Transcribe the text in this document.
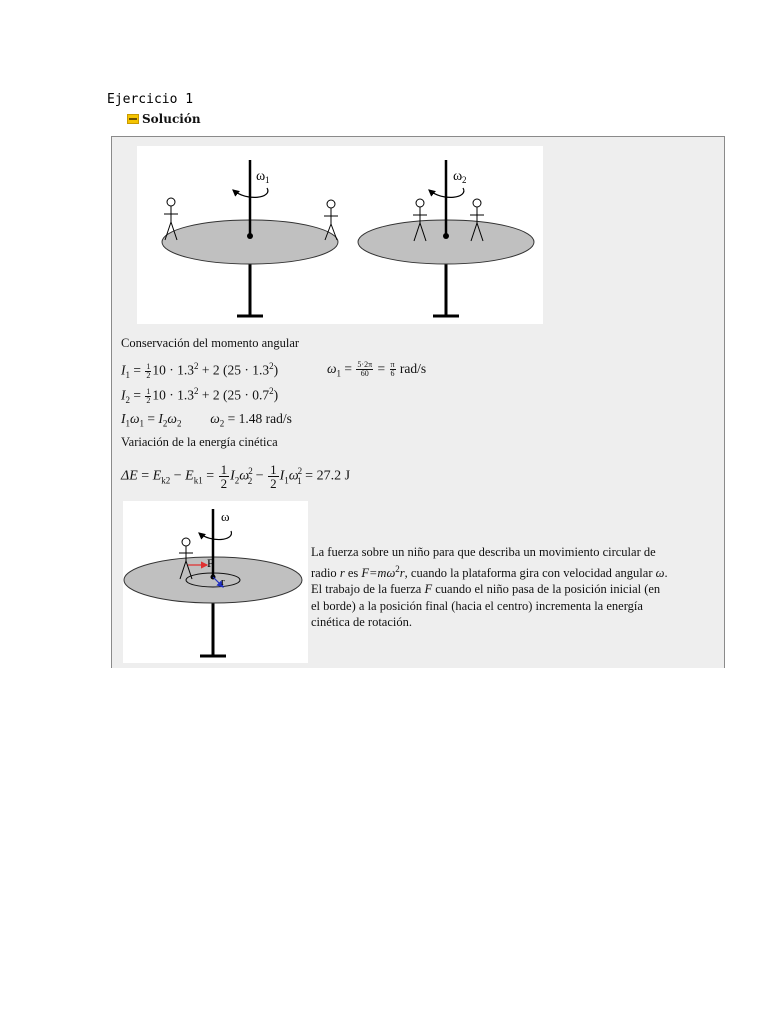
Ejercicio 1
Solución
ω 1	ω 2
Conservación del momento angular
$I_1 = \frac{1}{2} 10 \cdot 1.3^2 + 2$ $(25 \cdot 1.3^2)$	$\omega_1 = \frac{5\cdot 2\pi}{60} = \frac{\pi}{6} rad/s$
$I_2 = \frac{1}{2} 10 \cdot 1.3^2 + 2$ $(25 \cdot 0.7^2)$
$I_1\omega_1 = I_2\omega_2$ $\omega_2 = 1.48$ rad/s
Variación de la energía cinética
$\Delta E = E_{k2} - E_{k1} = \frac{1}{2} I_2\omega^2_2 - \frac{1}{2} I_1\omega^2_1 = 27.2$ J
ω
F
r
La fuerza sobre un niño para que describa un movimiento circular de radio r es $F=m\omega^2r$, cuando la plataforma gira con velocidad angular ω. El trabajo de la fuerza F cuando el niño pasa de la posición inicial (en el borde) a la posición final (hacia el centro) incrementa la energía cinética de rotación.
